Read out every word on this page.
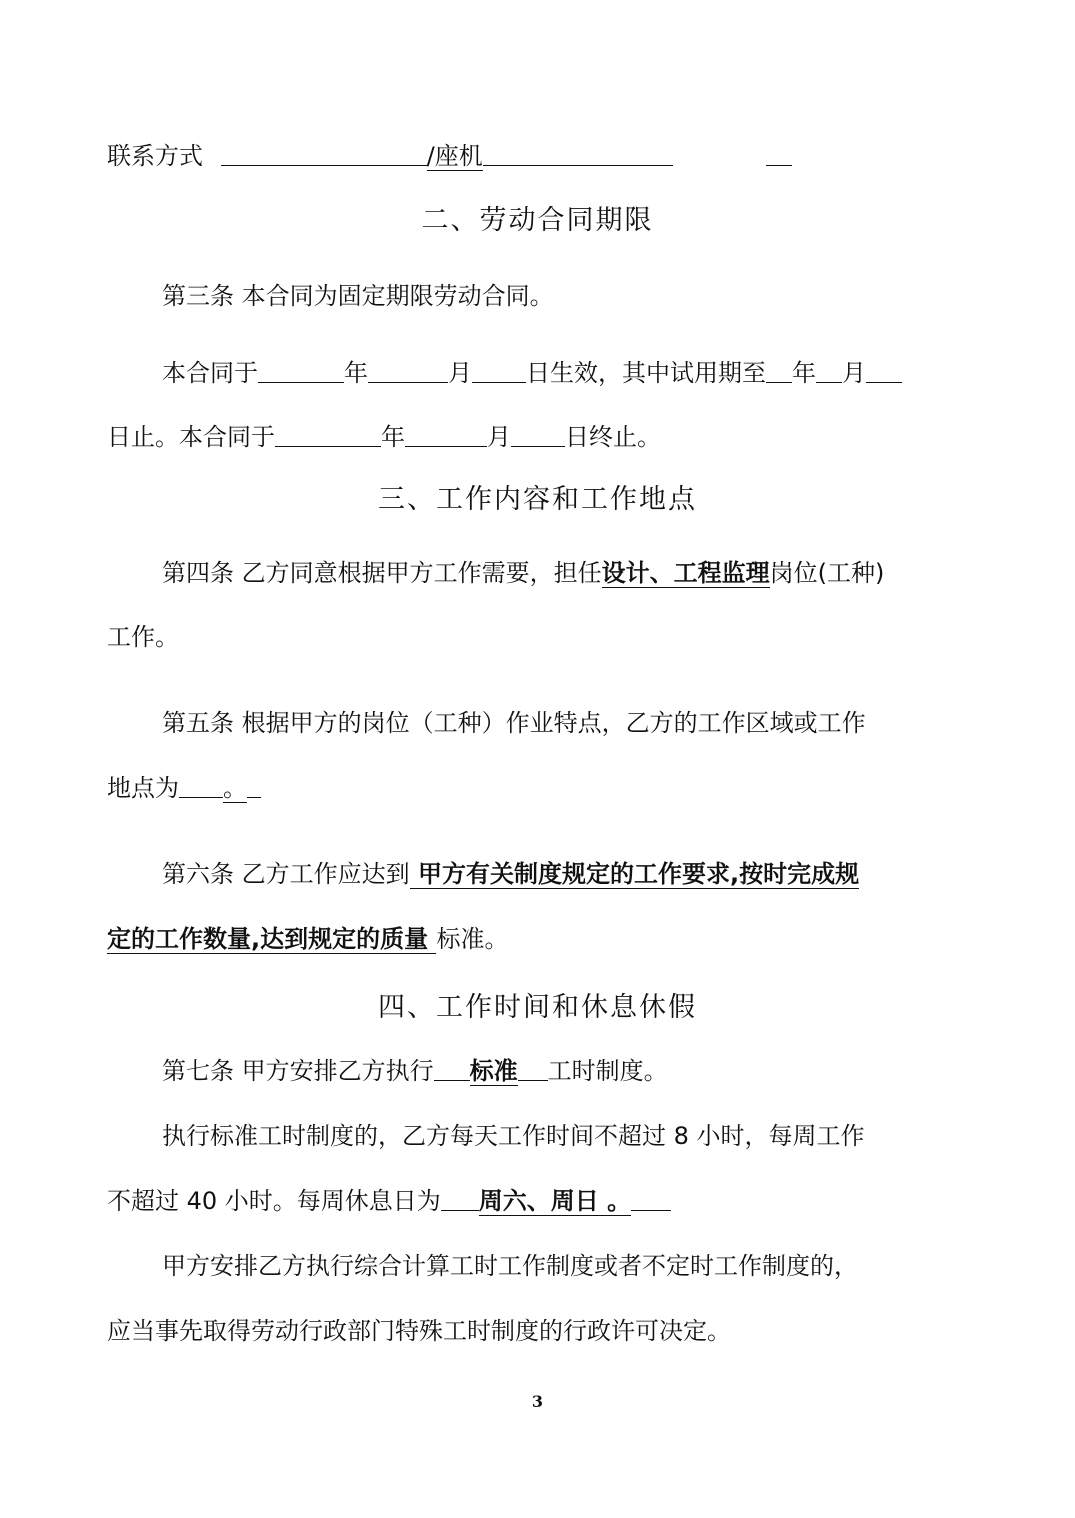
联系方式	/座机
二、劳动合同期限
第三条 本合同为固定期限劳动合同。
本合同于	年	月 日生效，其中试用期至 年 月
日止。本合同于	年	月 日终止。
三、工作内容和工作地点
第四条 乙方同意根据甲方工作需要，担任设计、工程监理岗位(工种)
工作。
第五条 根据甲方的岗位（工种）作业特点，乙方的工作区域或工作
地点为 。
第六条 乙方工作应达到 甲方有关制度规定的工作要求,按时完成规
定的工作数量,达到规定的质量 标准。
四、工作时间和休息休假
第七条 甲方安排乙方执行 标准 工时制度。
执行标准工时制度的，乙方每天工作时间不超过 8 小时，每周工作
不超过 40 小时。每周休息日为 周六、周日 。
甲方安排乙方执行综合计算工时工作制度或者不定时工作制度的，
应当事先取得劳动行政部门特殊工时制度的行政许可决定。
3
